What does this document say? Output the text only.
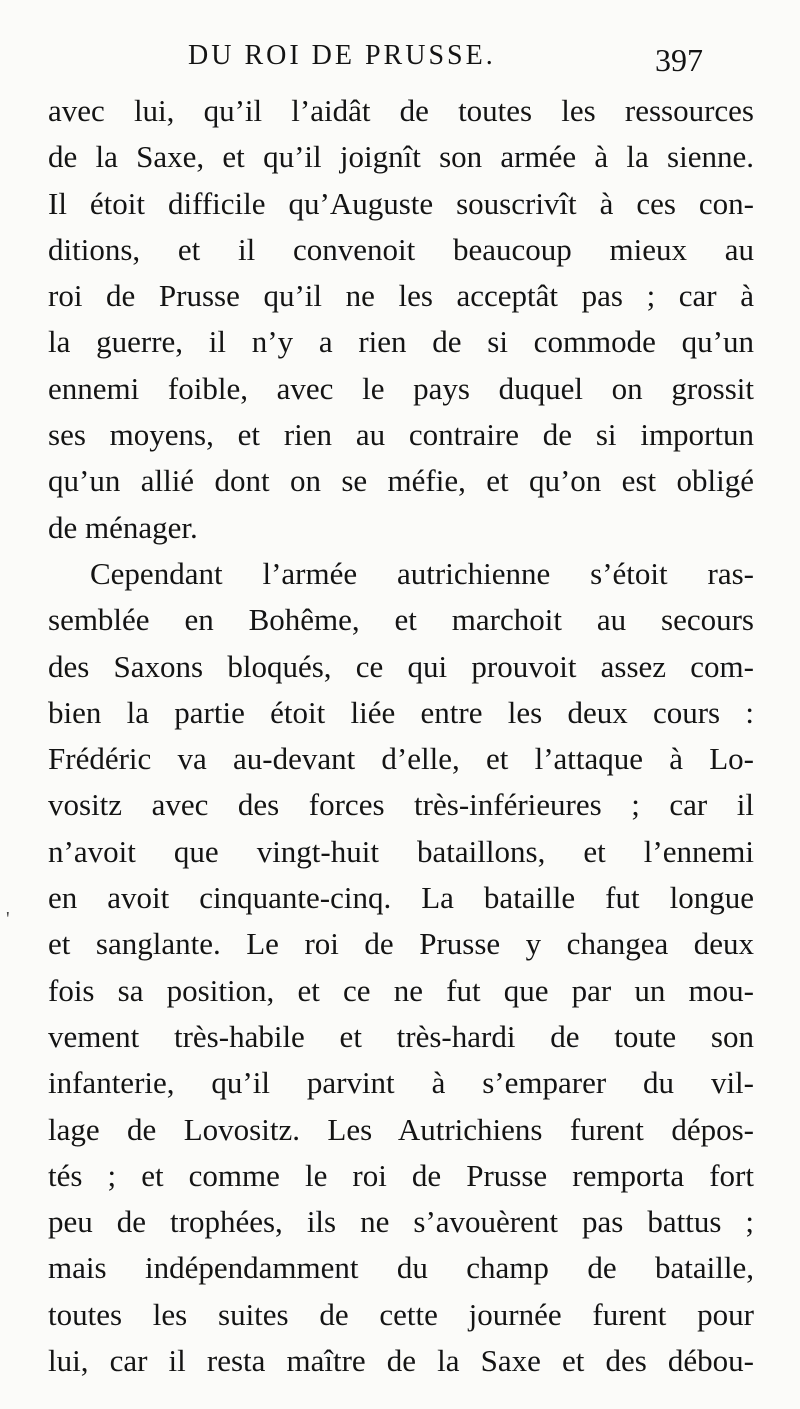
DU ROI DE PRUSSE.	397
'
avec lui, qu’il l’aidât de toutes les ressources
de la Saxe, et qu’il joignît son armée à la sienne.
Il étoit difficile qu’Auguste souscrivît à ces con-
ditions, et il convenoit beaucoup mieux au
roi de Prusse qu’il ne les acceptât pas ; car à
la guerre, il n’y a rien de si commode qu’un
ennemi foible, avec le pays duquel on grossit
ses moyens, et rien au contraire de si importun
qu’un allié dont on se méfie, et qu’on est obligé
de ménager.
Cependant l’armée autrichienne s’étoit ras-
semblée en Bohême, et marchoit au secours
des Saxons bloqués, ce qui prouvoit assez com-
bien la partie étoit liée entre les deux cours :
Frédéric va au-devant d’elle, et l’attaque à Lo-
vositz avec des forces très-inférieures ; car il
n’avoit que vingt-huit bataillons, et l’ennemi
en avoit cinquante-cinq. La bataille fut longue
et sanglante. Le roi de Prusse y changea deux
fois sa position, et ce ne fut que par un mou-
vement très-habile et très-hardi de toute son
infanterie, qu’il parvint à s’emparer du vil-
lage de Lovositz. Les Autrichiens furent dépos-
tés ; et comme le roi de Prusse remporta fort
peu de trophées, ils ne s’avouèrent pas battus ;
mais indépendamment du champ de bataille,
toutes les suites de cette journée furent pour
lui, car il resta maître de la Saxe et des débou-
